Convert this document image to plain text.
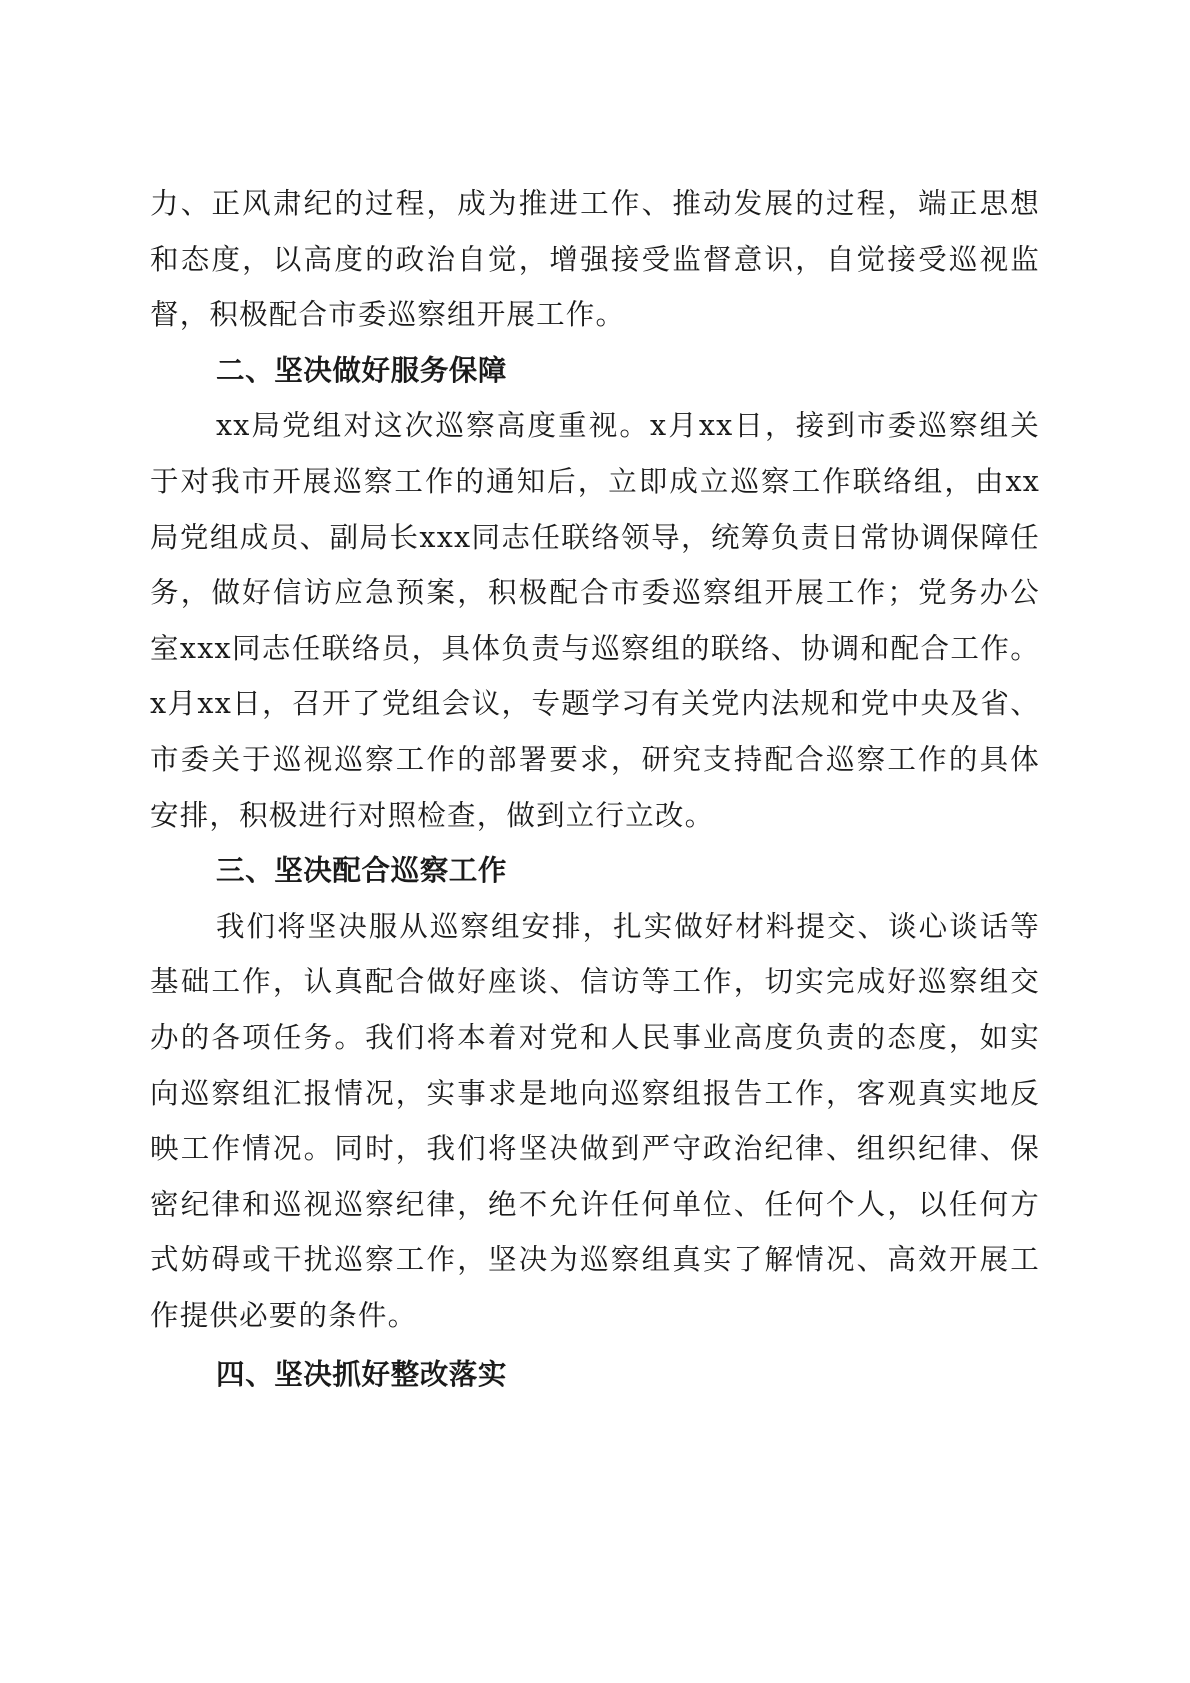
力、正风肃纪的过程，成为推进工作、推动发展的过程，端正思想和态度，以高度的政治自觉，增强接受监督意识，自觉接受巡视监督，积极配合市委巡察组开展工作。

二、坚决做好服务保障

xx局党组对这次巡察高度重视。x月xx日，接到市委巡察组关于对我市开展巡察工作的通知后，立即成立巡察工作联络组，由xx局党组成员、副局长xxx同志任联络领导，统筹负责日常协调保障任务，做好信访应急预案，积极配合市委巡察组开展工作；党务办公室xxx同志任联络员，具体负责与巡察组的联络、协调和配合工作。x月xx日，召开了党组会议，专题学习有关党内法规和党中央及省、市委关于巡视巡察工作的部署要求，研究支持配合巡察工作的具体安排，积极进行对照检查，做到立行立改。

三、坚决配合巡察工作

我们将坚决服从巡察组安排，扎实做好材料提交、谈心谈话等基础工作，认真配合做好座谈、信访等工作，切实完成好巡察组交办的各项任务。我们将本着对党和人民事业高度负责的态度，如实向巡察组汇报情况，实事求是地向巡察组报告工作，客观真实地反映工作情况。同时，我们将坚决做到严守政治纪律、组织纪律、保密纪律和巡视巡察纪律，绝不允许任何单位、任何个人，以任何方式妨碍或干扰巡察工作，坚决为巡察组真实了解情况、高效开展工作提供必要的条件。

四、坚决抓好整改落实
